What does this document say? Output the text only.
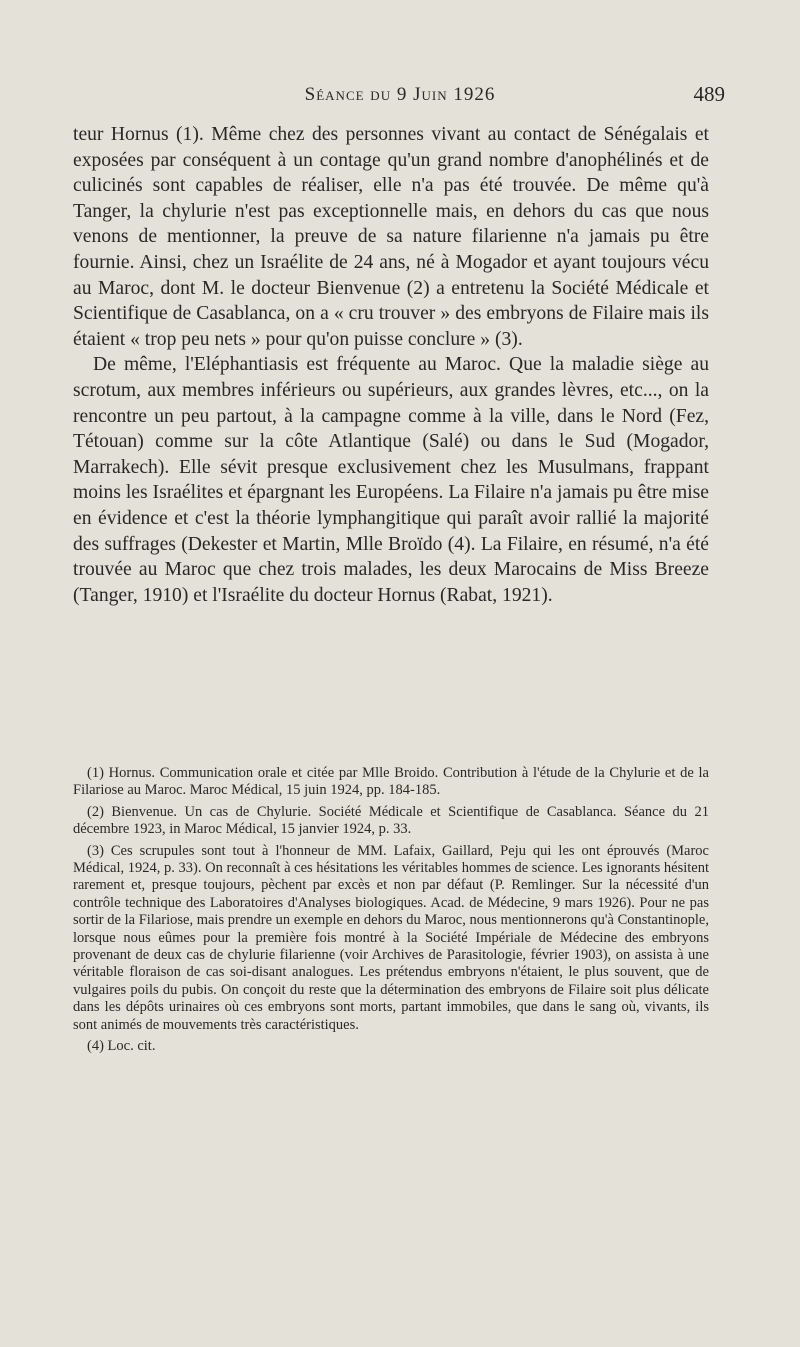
Séance du 9 Juin 1926	489

teur Hornus (1). Même chez des personnes vivant au contact de Sénégalais et exposées par conséquent à un contage qu'un grand nombre d'anophélinés et de culicinés sont capables de réaliser, elle n'a pas été trouvée. De même qu'à Tanger, la chylurie n'est pas exceptionnelle mais, en dehors du cas que nous venons de mentionner, la preuve de sa nature filarienne n'a jamais pu être fournie. Ainsi, chez un Israélite de 24 ans, né à Mogador et ayant toujours vécu au Maroc, dont M. le docteur Bienvenue (2) a entretenu la Société Médicale et Scientifique de Casablanca, on a « cru trouver » des embryons de Filaire mais ils étaient « trop peu nets » pour qu'on puisse conclure » (3).

De même, l'Eléphantiasis est fréquente au Maroc. Que la maladie siège au scrotum, aux membres inférieurs ou supérieurs, aux grandes lèvres, etc..., on la rencontre un peu partout, à la campagne comme à la ville, dans le Nord (Fez, Tétouan) comme sur la côte Atlantique (Salé) ou dans le Sud (Mogador, Marrakech). Elle sévit presque exclusivement chez les Musulmans, frappant moins les Israélites et épargnant les Européens. La Filaire n'a jamais pu être mise en évidence et c'est la théorie lymphangitique qui paraît avoir rallié la majorité des suffrages (Dekester et Martin, Mlle Broïdo (4). La Filaire, en résumé, n'a été trouvée au Maroc que chez trois malades, les deux Marocains de Miss Breeze (Tanger, 1910) et l'Israélite du docteur Hornus (Rabat, 1921).

(1) Hornus. Communication orale et citée par Mlle Broido. Contribution à l'étude de la Chylurie et de la Filariose au Maroc. Maroc Médical, 15 juin 1924, pp. 184-185.

(2) Bienvenue. Un cas de Chylurie. Société Médicale et Scientifique de Casablanca. Séance du 21 décembre 1923, in Maroc Médical, 15 janvier 1924, p. 33.

(3) Ces scrupules sont tout à l'honneur de MM. Lafaix, Gaillard, Peju qui les ont éprouvés (Maroc Médical, 1924, p. 33). On reconnaît à ces hésitations les véritables hommes de science. Les ignorants hésitent rarement et, presque toujours, pèchent par excès et non par défaut (P. Remlinger. Sur la nécessité d'un contrôle technique des Laboratoires d'Analyses biologiques. Acad. de Médecine, 9 mars 1926). Pour ne pas sortir de la Filariose, mais prendre un exemple en dehors du Maroc, nous mentionnerons qu'à Constantinople, lorsque nous eûmes pour la première fois montré à la Société Impériale de Médecine des embryons provenant de deux cas de chylurie filarienne (voir Archives de Parasitologie, février 1903), on assista à une véritable floraison de cas soi-disant analogues. Les prétendus embryons n'étaient, le plus souvent, que de vulgaires poils du pubis. On conçoit du reste que la détermination des embryons de Filaire soit plus délicate dans les dépôts urinaires où ces embryons sont morts, partant immobiles, que dans le sang où, vivants, ils sont animés de mouvements très caractéristiques.

(4) Loc. cit.
